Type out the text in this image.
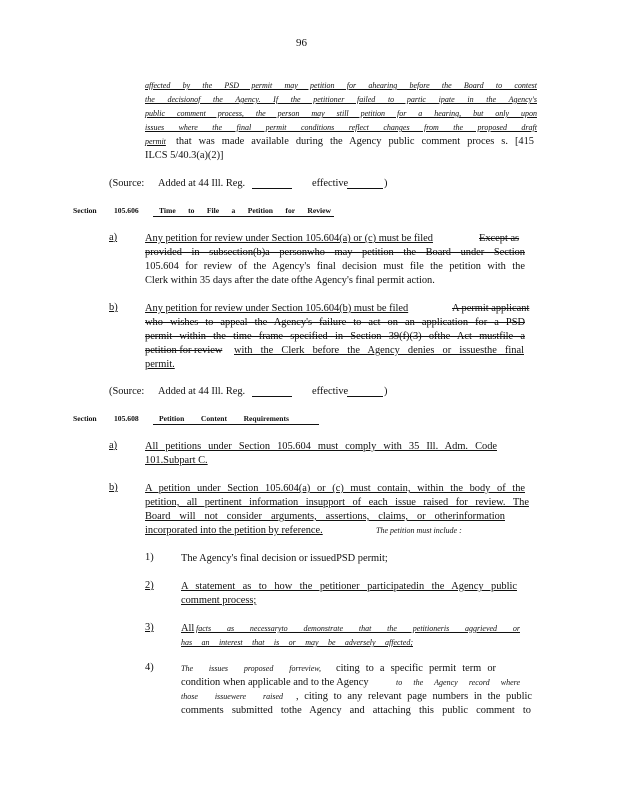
96
affected by the PSD permit may petition for ahearing before the Board to contest
the decisionof the Agency. If the petitioner failed to partic ipate in the Agency's
public comment process, the person may still petition for a hearing, but only upon
issues where the final permit conditions reflect changes from the proposed draft
permit that was made available during the Agency public comment proces s. [415
ILCS 5/40.3(a)(2)]
(Source: Added at 44 Ill. Reg.	effective	)
Section 105.606	Time to File a Petition for Review
a)	Any petition for review under Section 105.604(a) or (c) must be filed	Except as
provided in subsection(b)a personwho may petition the Board under Section
105.604 for review of the Agency's final decision must file the petition with the
Clerk within 35 days after the date ofthe Agency's final permit action.
b)	Any petition for review under Section 105.604(b) must be filed	A permit applicant
who wishes to appeal the Agency's failure to act on an application for a PSD
permit within the time frame specified in Section 39(f)(3) ofthe Act mustfile a
petition for review with the Clerk before the Agency denies or issuesthe final
permit.
(Source: Added at 44 Ill. Reg.	effective	)
Section 105.608	Petition Content Requirements
a)	All petitions under Section 105.604 must comply with 35 Ill. Adm. Code
101.Subpart C.
b)	A petition under Section 105.604(a) or (c) must contain, within the body of the
petition, all pertinent information insupport of each issue raised for review. The
Board will not consider arguments, assertions, claims, or otherinformation
incorporated into the petition by reference.	The petition must include :
1)	The Agency's final decision or issuedPSD permit;
2)	A statement as to how the petitioner participatedin the Agency public
comment process;
3)	All facts as necessaryto demonstrate that the petitioneris aggrieved or
has an interest that is or may be adversely affected;
4)	The issues proposed forreview, citing to a specific permit term or
condition when applicable and to the Agency	to the Agency record where
those issuewere raised , citing to any relevant page numbers in the public
comments submitted tothe Agency and attaching this public comment to
